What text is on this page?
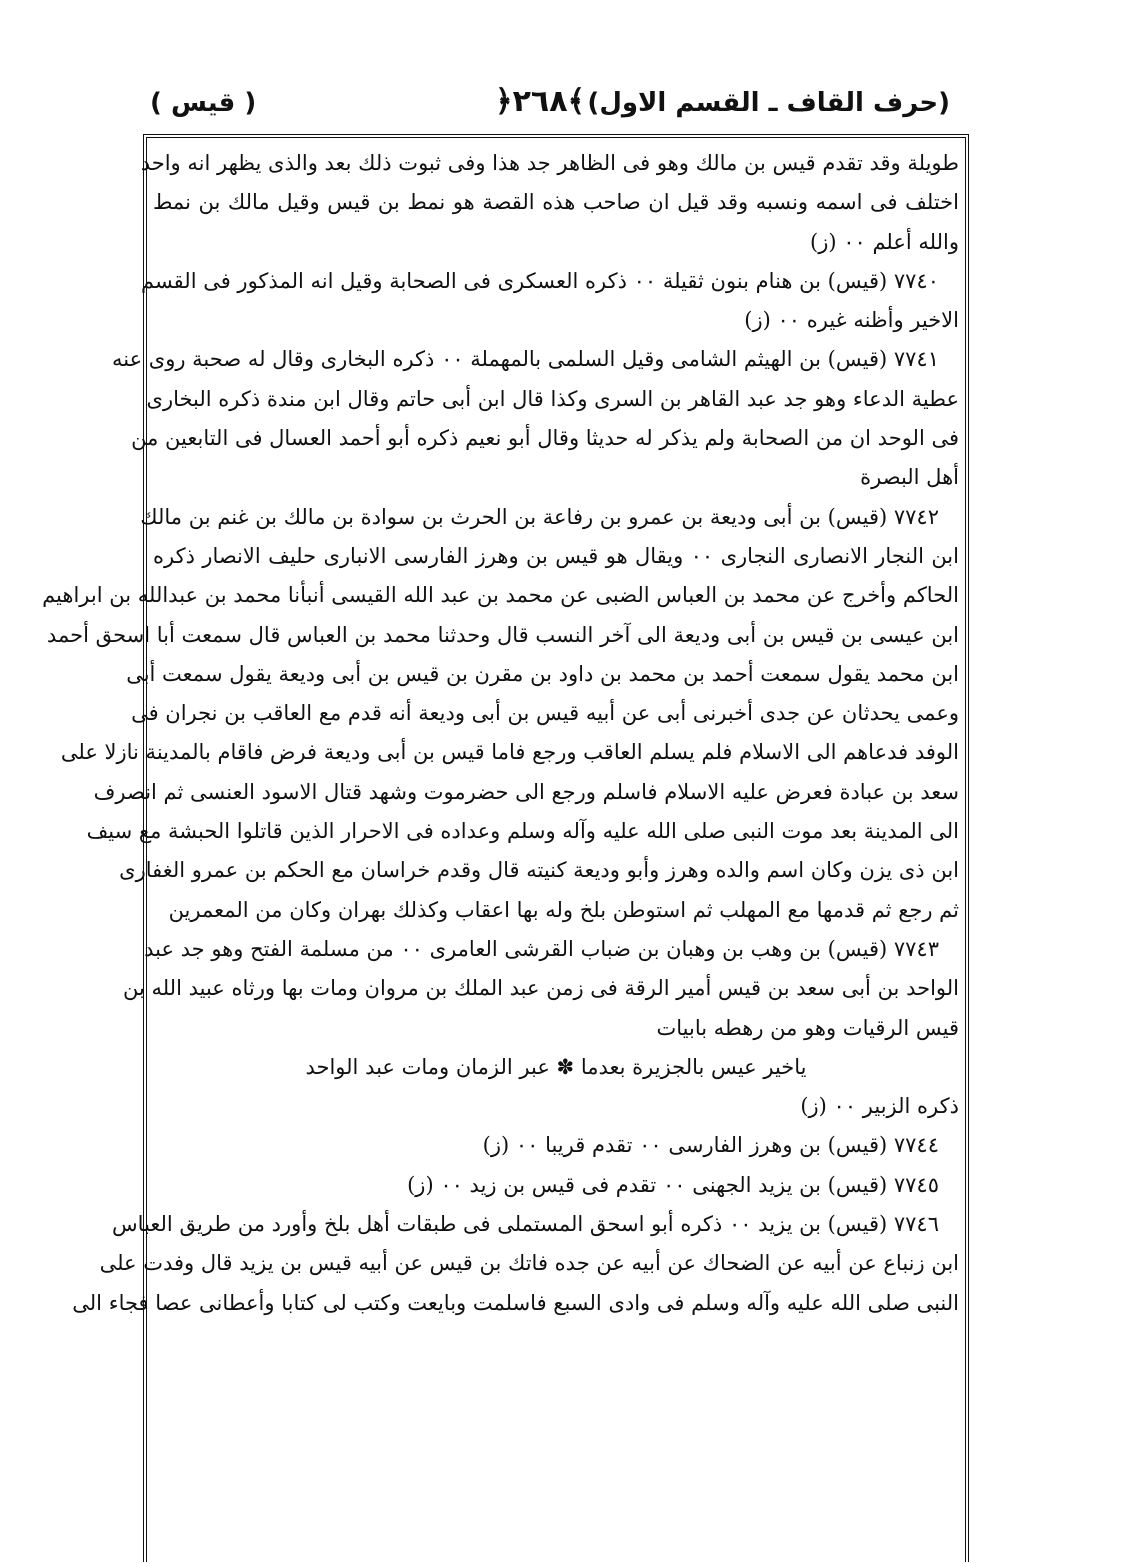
( قيس )	﴿٢٦٨﴾ (حرف القاف ـ القسم الاول)
طويلة وقد تقدم قيس بن مالك وهو فى الظاهر جد هذا وفى ثبوت ذلك بعد والذى يظهر انه واحد
اختلف فى اسمه ونسبه وقد قيل ان صاحب هذه القصة هو نمط بن قيس وقيل مالك بن نمط
والله أعلم ٠٠ (ز)
٧٧٤٠ (قيس) بن هنام بنون ثقيلة ٠٠ ذكره العسكرى فى الصحابة وقيل انه المذكور فى القسم
الاخير وأظنه غيره ٠٠ (ز)
٧٧٤١ (قيس) بن الهيثم الشامى وقيل السلمى بالمهملة ٠٠ ذكره البخارى وقال له صحبة روى عنه
عطية الدعاء وهو جد عبد القاهر بن السرى وكذا قال ابن أبى حاتم وقال ابن مندة ذكره البخارى
فى الوحد ان من الصحابة ولم يذكر له حديثا وقال أبو نعيم ذكره أبو أحمد العسال فى التابعين من
أهل البصرة
٧٧٤٢ (قيس) بن أبى وديعة بن عمرو بن رفاعة بن الحرث بن سوادة بن مالك بن غنم بن مالك
ابن النجار الانصارى النجارى ٠٠ ويقال هو قيس بن وهرز الفارسى الانبارى حليف الانصار ذكره
الحاكم وأخرج عن محمد بن العباس الضبى عن محمد بن عبد الله القيسى أنبأنا محمد بن عبدالله بن ابراهيم
ابن عيسى بن قيس بن أبى وديعة الى آخر النسب قال وحدثنا محمد بن العباس قال سمعت أبا اسحق أحمد
ابن محمد يقول سمعت أحمد بن محمد بن داود بن مقرن بن قيس بن أبى وديعة يقول سمعت أبى
وعمى يحدثان عن جدى أخبرنى أبى عن أبيه قيس بن أبى وديعة أنه قدم مع العاقب بن نجران فى
الوفد فدعاهم الى الاسلام فلم يسلم العاقب ورجع فاما قيس بن أبى وديعة فرض فاقام بالمدينة نازلا على
سعد بن عبادة فعرض عليه الاسلام فاسلم ورجع الى حضرموت وشهد قتال الاسود العنسى ثم انصرف
الى المدينة بعد موت النبى صلى الله عليه وآله وسلم وعداده فى الاحرار الذين قاتلوا الحبشة مع سيف
ابن ذى يزن وكان اسم والده وهرز وأبو وديعة كنيته قال وقدم خراسان مع الحكم بن عمرو الغفارى
ثم رجع ثم قدمها مع المهلب ثم استوطن بلخ وله بها اعقاب وكذلك بهران وكان من المعمرين
٧٧٤٣ (قيس) بن وهب بن وهبان بن ضباب القرشى العامرى ٠٠ من مسلمة الفتح وهو جد عبد
الواحد بن أبى سعد بن قيس أمير الرقة فى زمن عبد الملك بن مروان ومات بها ورثاه عبيد الله بن
قيس الرقيات وهو من رهطه بابيات
ياخير عيس بالجزيرة بعدما ✽ عبر الزمان ومات عبد الواحد
ذكره الزبير ٠٠ (ز)
٧٧٤٤ (قيس) بن وهرز الفارسى ٠٠ تقدم قريبا ٠٠ (ز)
٧٧٤٥ (قيس) بن يزيد الجهنى ٠٠ تقدم فى قيس بن زيد ٠٠ (ز)
٧٧٤٦ (قيس) بن يزيد ٠٠ ذكره أبو اسحق المستملى فى طبقات أهل بلخ وأورد من طريق العباس
ابن زنباع عن أبيه عن الضحاك عن أبيه عن جده فاتك بن قيس عن أبيه قيس بن يزيد قال وفدت على
النبى صلى الله عليه وآله وسلم فى وادى السبع فاسلمت وبايعت وكتب لى كتابا وأعطانى عصا فجاء الى
